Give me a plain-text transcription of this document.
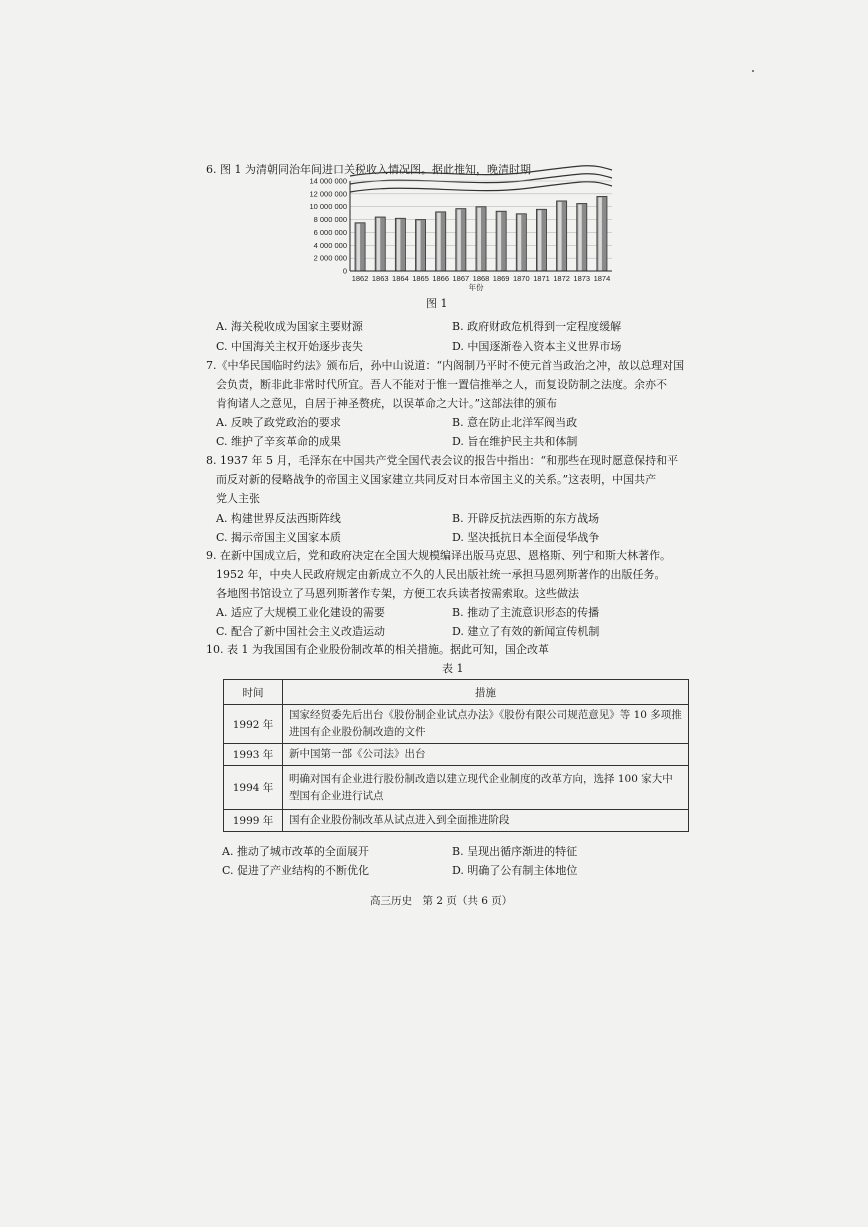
6. 图 1 为清朝同治年间进口关税收入情况图。据此推知，晚清时期
0
2 000 000
4 000 000
6 000 000
8 000 000
10 000 000
12 000 000
14 000 000
1862 1863 1864 1865 1866 1867 1868 1869 1870 1871 1872 1873 1874
年份
图 1
A. 海关税收成为国家主要财源	B. 政府财政危机得到一定程度缓解
C. 中国海关主权开始逐步丧失	D. 中国逐渐卷入资本主义世界市场
7.《中华民国临时约法》颁布后，孙中山说道：“内阁制乃平时不使元首当政治之冲，故以总理对国
会负责，断非此非常时代所宜。吾人不能对于惟一置信推举之人，而复设防制之法度。余亦不
肯徇诸人之意见，自居于神圣赘疣，以误革命之大计。”这部法律的颁布
A. 反映了政党政治的要求	B. 意在防止北洋军阀当政
C. 维护了辛亥革命的成果	D. 旨在维护民主共和体制
8. 1937 年 5 月，毛泽东在中国共产党全国代表会议的报告中指出：“和那些在现时愿意保持和平
而反对新的侵略战争的帝国主义国家建立共同反对日本帝国主义的关系。”这表明，中国共产
党人主张
A. 构建世界反法西斯阵线	B. 开辟反抗法西斯的东方战场
C. 揭示帝国主义国家本质	D. 坚决抵抗日本全面侵华战争
9. 在新中国成立后，党和政府决定在全国大规模编译出版马克思、恩格斯、列宁和斯大林著作。
1952 年，中央人民政府规定由新成立不久的人民出版社统一承担马恩列斯著作的出版任务。
各地图书馆设立了马恩列斯著作专架，方便工农兵读者按需索取。这些做法
A. 适应了大规模工业化建设的需要	B. 推动了主流意识形态的传播
C. 配合了新中国社会主义改造运动	D. 建立了有效的新闻宣传机制
10. 表 1 为我国国有企业股份制改革的相关措施。据此可知，国企改革
表 1
时间	措施
1992 年	国家经贸委先后出台《股份制企业试点办法》《股份有限公司规范意见》等 10 多项推进国有企业股份制改造的文件
1993 年	新中国第一部《公司法》出台
1994 年	明确对国有企业进行股份制改造以建立现代企业制度的改革方向，选择 100 家大中型国有企业进行试点
1999 年	国有企业股份制改革从试点进入到全面推进阶段
A. 推动了城市改革的全面展开	B. 呈现出循序渐进的特征
C. 促进了产业结构的不断优化	D. 明确了公有制主体地位
高三历史　第 2 页（共 6 页）
